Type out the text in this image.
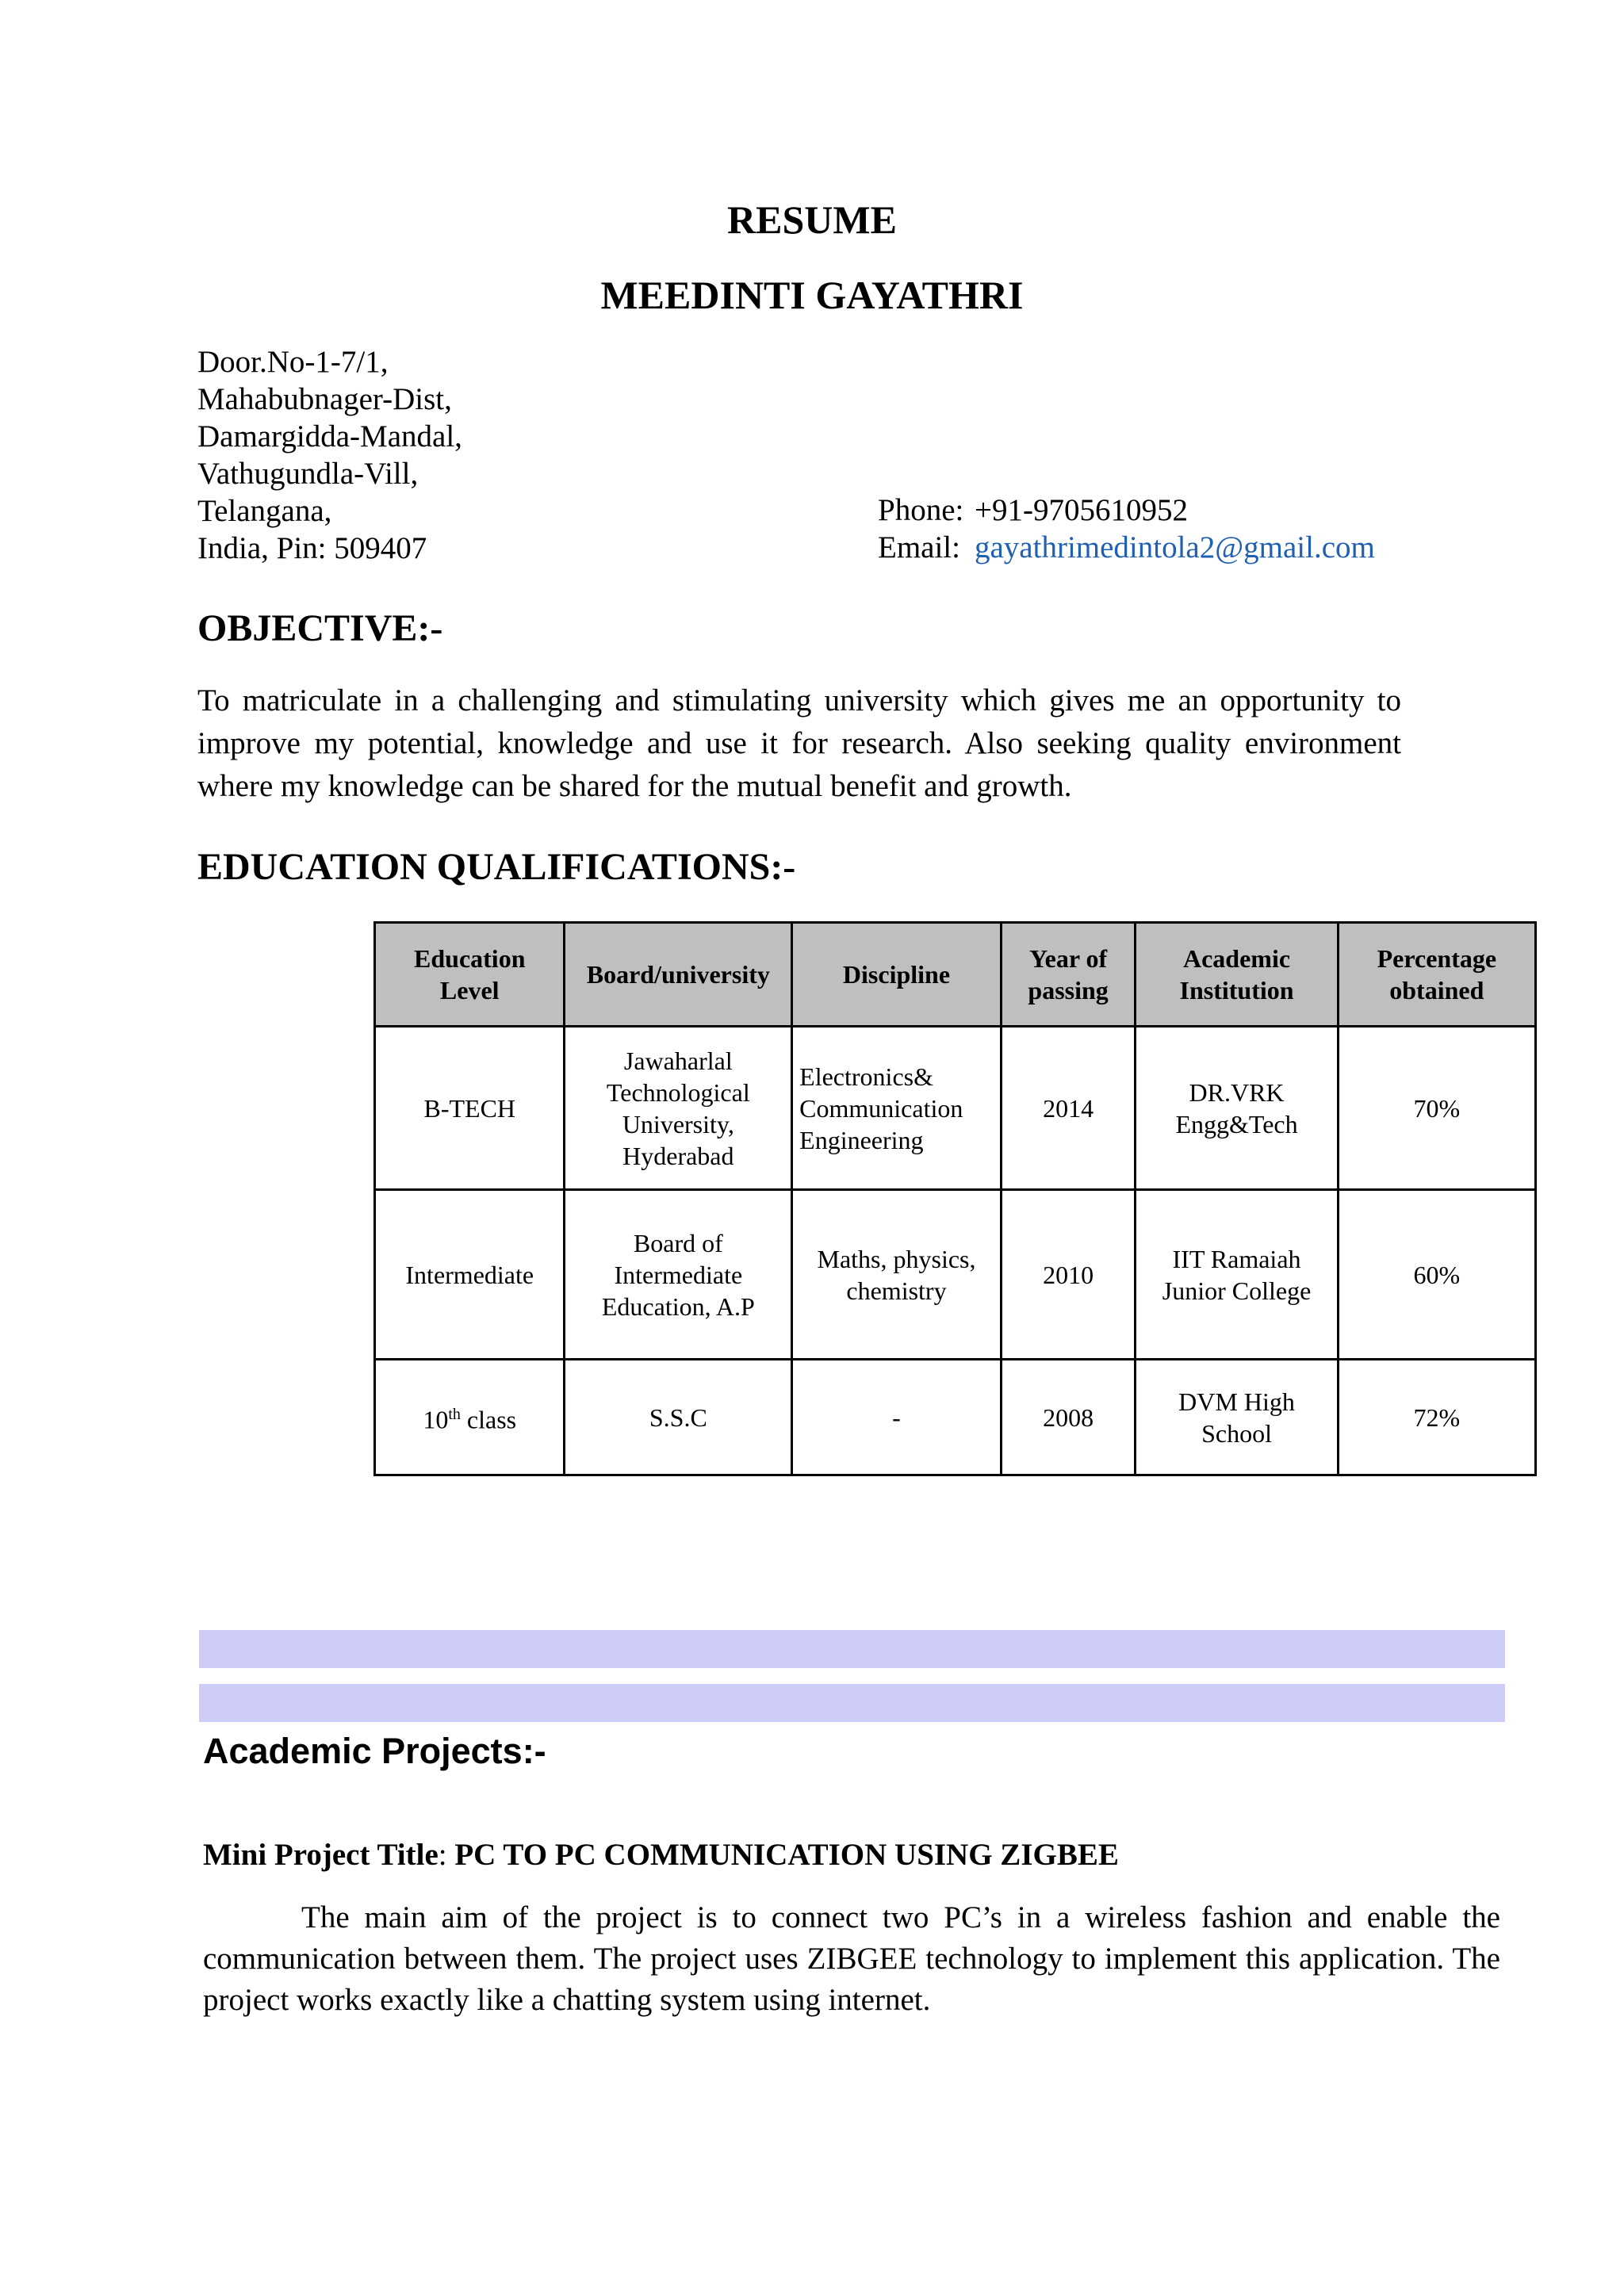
RESUME
MEEDINTI GAYATHRI
Door.No-1-7/1,
Mahabubnager-Dist,
Damargidda-Mandal,
Vathugundla-Vill,
Telangana,
India, Pin: 509407
Phone: +91-9705610952
Email: gayathrimedintola2@gmail.com
OBJECTIVE:-
To matriculate in a challenging and stimulating university which gives me an opportunity to improve my potential, knowledge and use it for research. Also seeking quality environment where my knowledge can be shared for the mutual benefit and growth.
EDUCATION QUALIFICATIONS:-
Education Level	Board/university	Discipline	Year of passing	Academic Institution	Percentage obtained
B-TECH	Jawaharlal Technological University, Hyderabad	Electronics& Communication Engineering	2014	DR.VRK Engg&Tech	70%
Intermediate	Board of Intermediate Education, A.P	Maths, physics, chemistry	2010	IIT Ramaiah Junior College	60%
10th class	S.S.C	-	2008	DVM High School	72%
Academic Projects:-
Mini Project Title: PC TO PC COMMUNICATION USING ZIGBEE
The main aim of the project is to connect two PC’s in a wireless fashion and enable the communication between them. The project uses ZIBGEE technology to implement this application. The project works exactly like a chatting system using internet.
